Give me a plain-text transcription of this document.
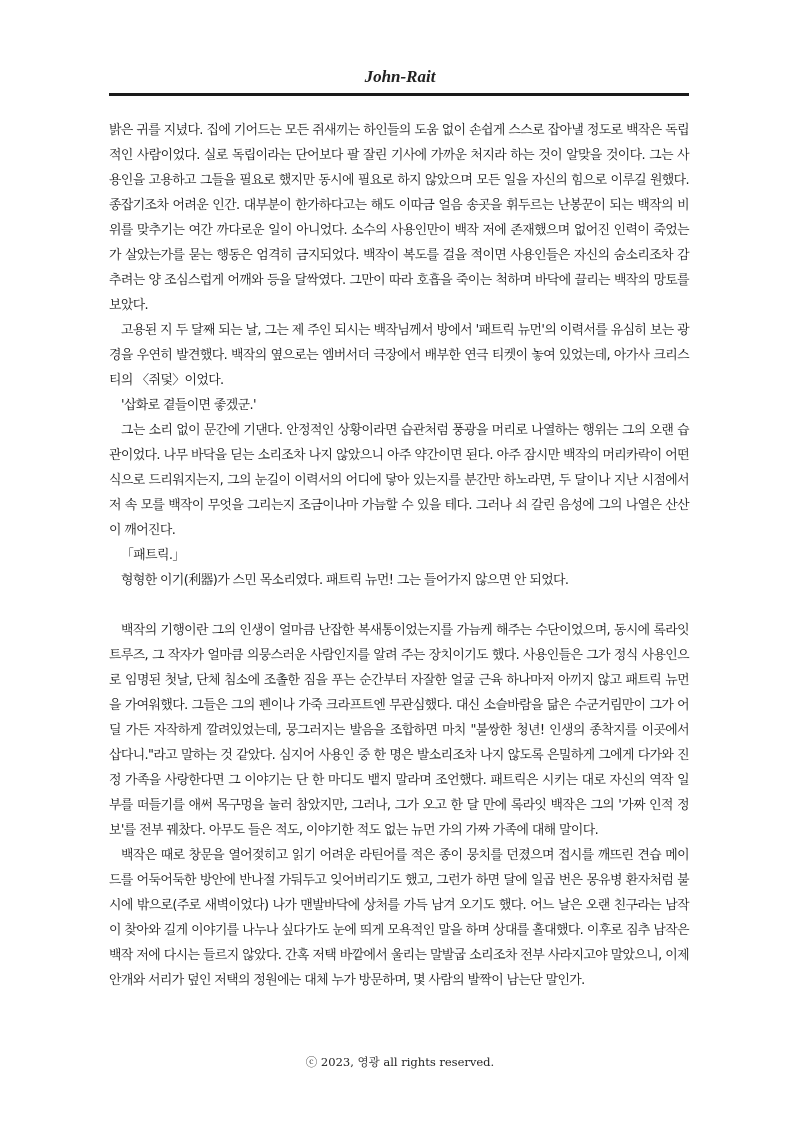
John-Rait

밝은 귀를 지녔다. 집에 기어드는 모든 쥐새끼는 하인들의 도움 없이 손쉽게 스스로 잡아낼 정도로 백작은 독립적인 사람이었다. 실로 독립이라는 단어보다 팔 잘린 기사에 가까운 처지라 하는 것이 알맞을 것이다. 그는 사용인을 고용하고 그들을 필요로 했지만 동시에 필요로 하지 않았으며 모든 일을 자신의 힘으로 이루길 원했다. 종잡기조차 어려운 인간. 대부분이 한가하다고는 해도 이따금 얼음 송곳을 휘두르는 난봉꾼이 되는 백작의 비위를 맞추기는 여간 까다로운 일이 아니었다. 소수의 사용인만이 백작 저에 존재했으며 없어진 인력이 죽었는가 살았는가를 묻는 행동은 엄격히 금지되었다. 백작이 복도를 걸을 적이면 사용인들은 자신의 숨소리조차 감추려는 양 조심스럽게 어깨와 등을 달싹였다. 그만이 따라 호흡을 죽이는 척하며 바닥에 끌리는 백작의 망토를 보았다.

고용된 지 두 달째 되는 날, 그는 제 주인 되시는 백작님께서 방에서 '패트릭 뉴먼'의 이력서를 유심히 보는 광경을 우연히 발견했다. 백작의 옆으로는 엠버서더 극장에서 배부한 연극 티켓이 놓여 있었는데, 아가사 크리스티의 〈쥐덫〉이었다.

'삽화로 곁들이면 좋겠군.'

그는 소리 없이 문간에 기댄다. 안정적인 상황이라면 습관처럼 풍광을 머리로 나열하는 행위는 그의 오랜 습관이었다. 나무 바닥을 딛는 소리조차 나지 않았으니 아주 약간이면 된다. 아주 잠시만 백작의 머리카락이 어떤 식으로 드리워지는지, 그의 눈길이 이력서의 어디에 닿아 있는지를 분간만 하노라면, 두 달이나 지난 시점에서 저 속 모를 백작이 무엇을 그리는지 조금이나마 가늠할 수 있을 테다. 그러나 쇠 갈린 음성에 그의 나열은 산산이 깨어진다.

「패트릭.」

형형한 이기(利器)가 스민 목소리였다. 패트릭 뉴먼! 그는 들어가지 않으면 안 되었다.

백작의 기행이란 그의 인생이 얼마큼 난잡한 복새통이었는지를 가늠케 해주는 수단이었으며, 동시에 록라잇 트루즈, 그 작자가 얼마큼 의뭉스러운 사람인지를 알려 주는 장치이기도 했다. 사용인들은 그가 정식 사용인으로 임명된 첫날, 단체 침소에 조촐한 짐을 푸는 순간부터 자잘한 얼굴 근육 하나마저 아끼지 않고 패트릭 뉴먼을 가여워했다. 그들은 그의 펜이나 가죽 크라프트엔 무관심했다. 대신 소슬바람을 닮은 수군거림만이 그가 어딜 가든 자작하게 깔려있었는데, 뭉그러지는 발음을 조합하면 마치 "불쌍한 청년! 인생의 종착지를 이곳에서 삽다니."라고 말하는 것 같았다. 심지어 사용인 중 한 명은 발소리조차 나지 않도록 은밀하게 그에게 다가와 진정 가족을 사랑한다면 그 이야기는 단 한 마디도 뱉지 말라며 조언했다. 패트릭은 시키는 대로 자신의 역작 일부를 떠들기를 애써 목구멍을 눌러 참았지만, 그러나, 그가 오고 한 달 만에 록라잇 백작은 그의 '가짜 인적 정보'를 전부 꿰찼다. 아무도 들은 적도, 이야기한 적도 없는 뉴먼 가의 가짜 가족에 대해 말이다.

백작은 때로 창문을 열어젖히고 읽기 어려운 라틴어를 적은 종이 뭉치를 던졌으며 접시를 깨뜨린 견습 메이드를 어둑어둑한 방안에 반나절 가둬두고 잊어버리기도 했고, 그런가 하면 달에 일곱 번은 몽유병 환자처럼 불시에 밖으로(주로 새벽이었다) 나가 맨발바닥에 상처를 가득 남겨 오기도 했다. 어느 날은 오랜 친구라는 남작이 찾아와 길게 이야기를 나누나 싶다가도 눈에 띄게 모욕적인 말을 하며 상대를 홀대했다. 이후로 짐추 남작은 백작 저에 다시는 들르지 않았다. 간혹 저택 바깥에서 울리는 말발굽 소리조차 전부 사라지고야 말았으니, 이제 안개와 서리가 덮인 저택의 정원에는 대체 누가 방문하며, 몇 사람의 발짝이 남는단 말인가.

ⓒ 2023, 영광 all rights reserved.
